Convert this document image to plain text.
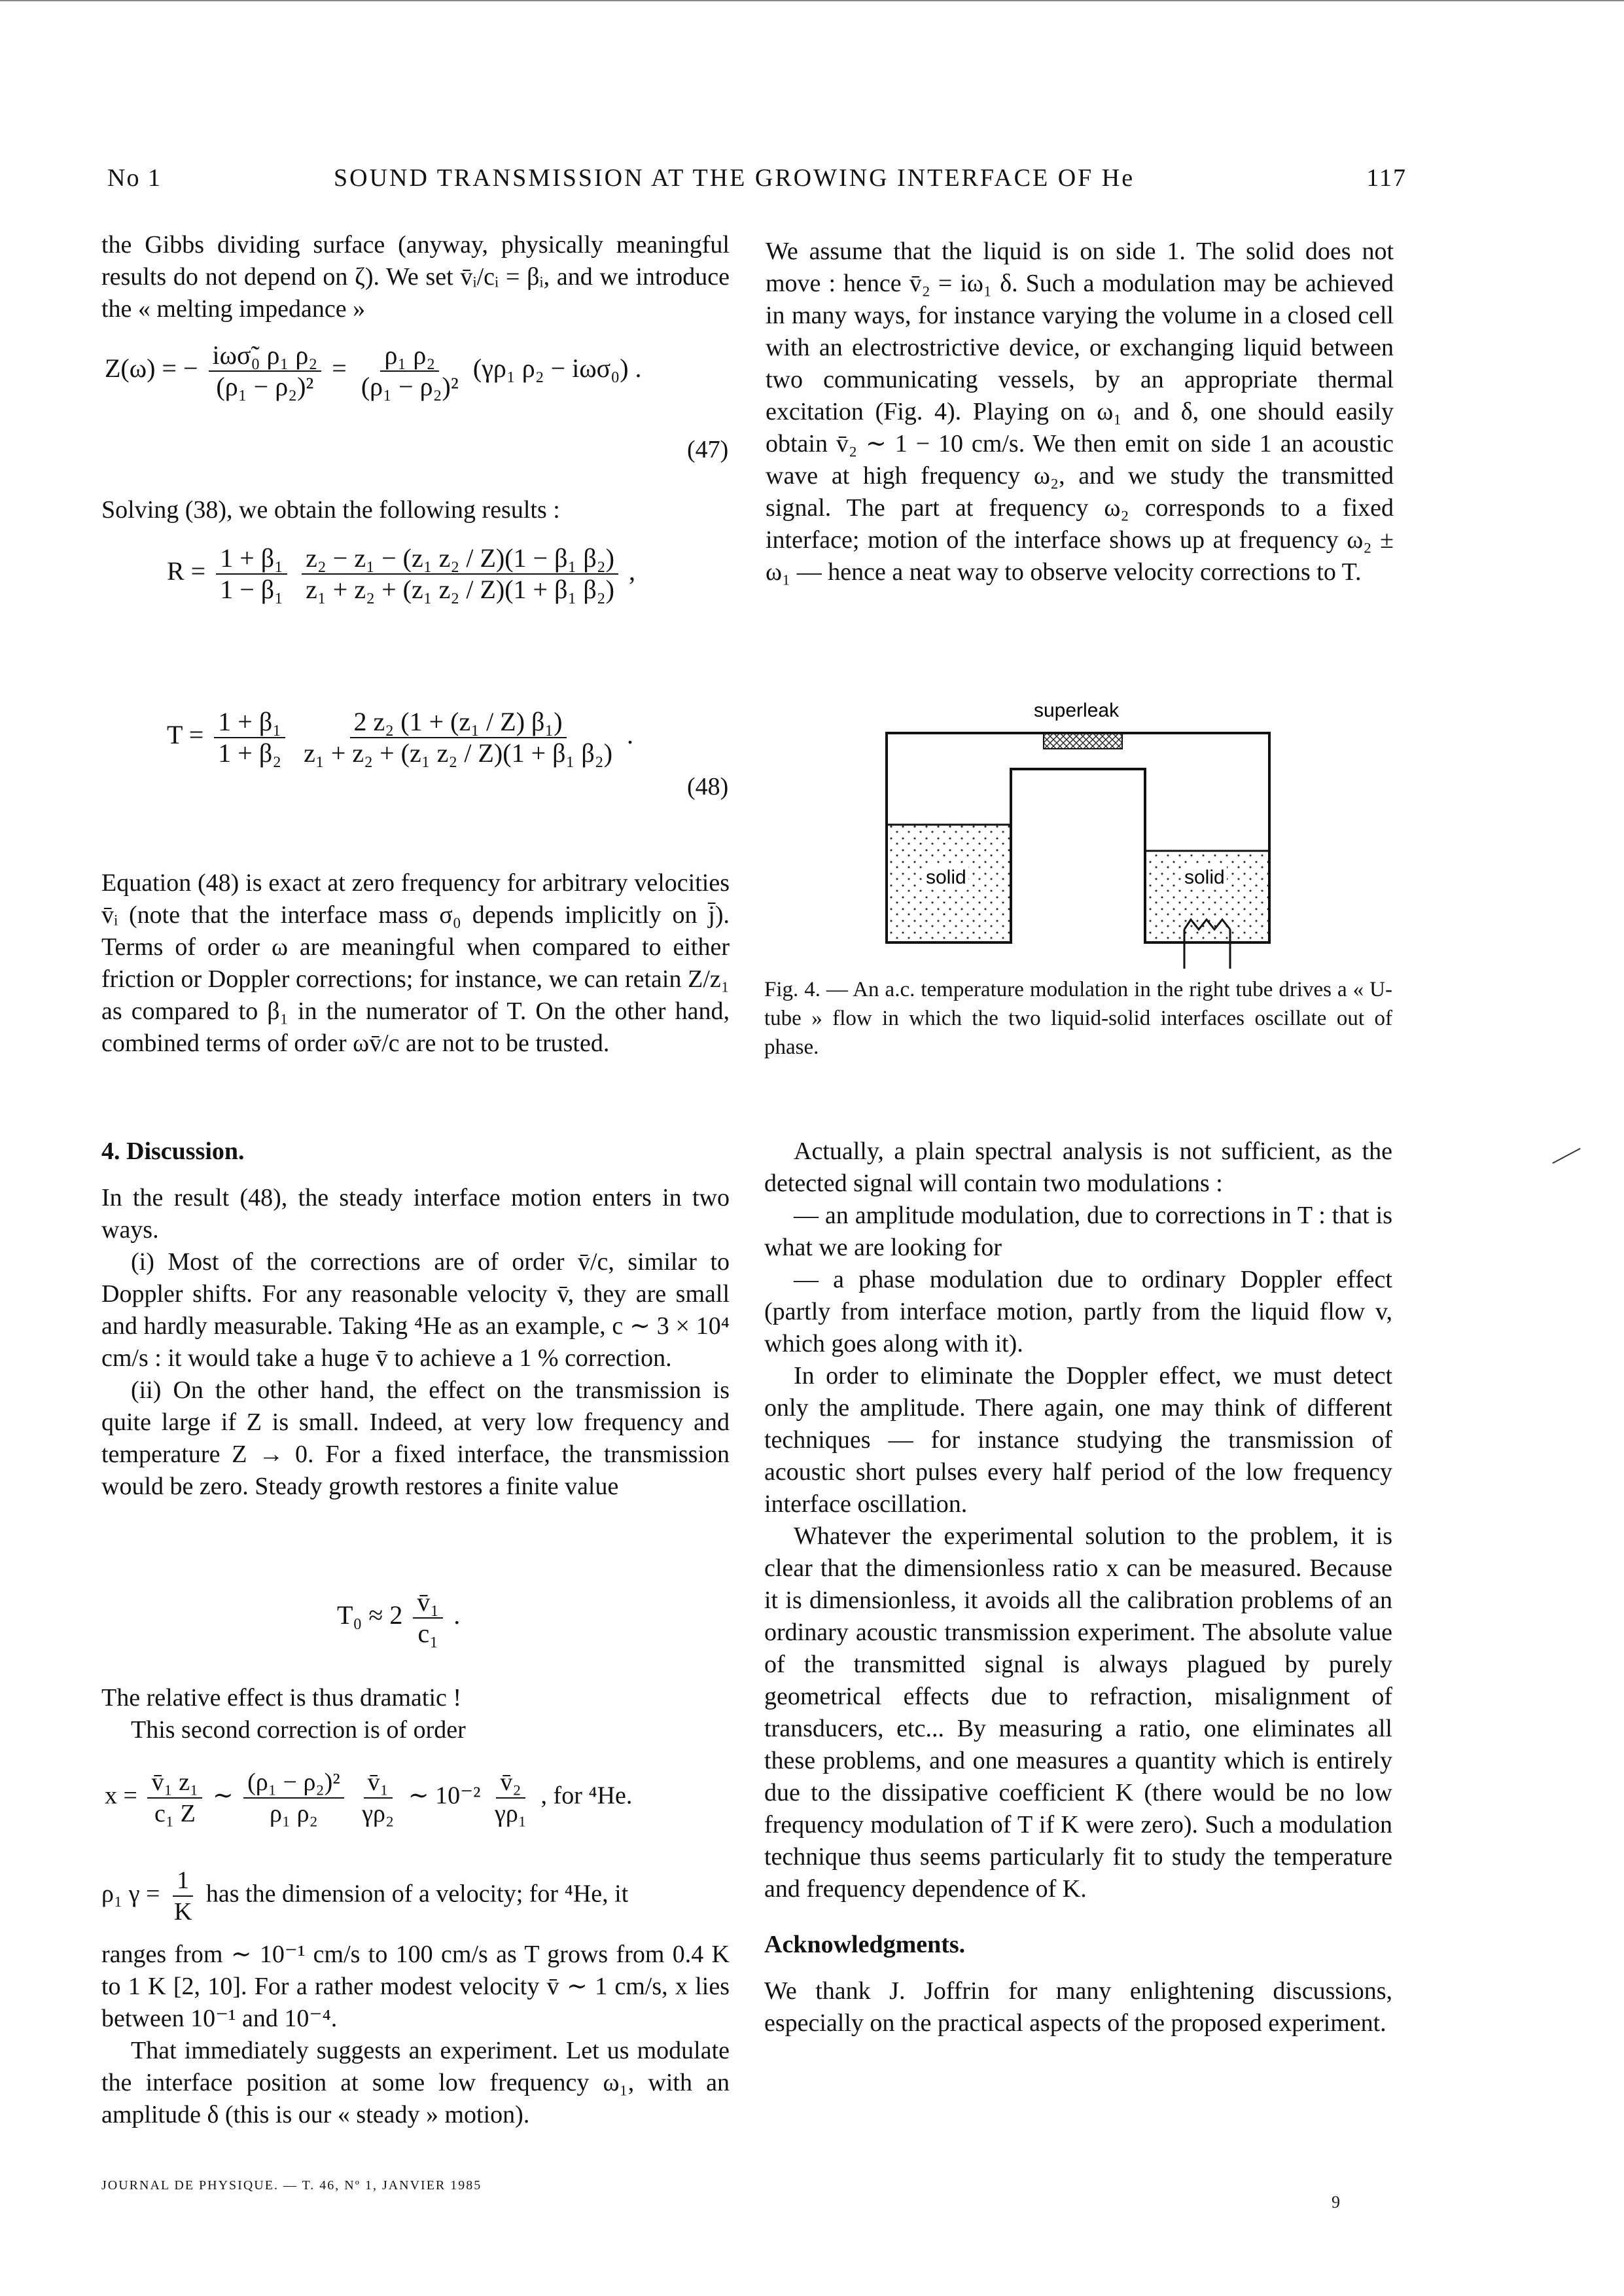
No 1	SOUND TRANSMISSION AT THE GROWING INTERFACE OF He	117

the Gibbs dividing surface (anyway, physically meaningful results do not depend on ζ). We set v̄ᵢ/cᵢ = βᵢ, and we introduce the « melting impedance »

Z(ω) = − $\frac{\text{iωσ̃₀ ρ₁ ρ₂}}{\text{(ρ₁ − ρ₂)²}} = \frac{\text{ρ₁ ρ₂}}{\text{(ρ₁ − ρ₂)²}} (\gamma\rho_1$ ρ₂ − iωσ₀) .
(47)

Solving (38), we obtain the following results :

$R = \frac{\text{1 + β₁}}{\text{1 − β₁}}$
$\frac{\text{z₂ − z₁ − (z₁ z₂ / Z)(1 − β₁ β₂)}}{\text{z₁ + z₂ + (z₁ z₂ / Z)(1 + β₁ β₂)}}$ ,
$T = \frac{\text{1 + β₁}}{\text{1 + β₂}}$
$\frac{\text{2 z₂ (1 + (z₁ / Z) β₁)}}{\text{z₁ + z₂ + (z₁ z₂ / Z)(1 + β₁ β₂)}}$ .
(48)

Equation (48) is exact at zero frequency for arbitrary velocities v̄ᵢ (note that the interface mass σ₀ depends implicitly on j̄). Terms of order ω are meaningful when compared to either friction or Doppler corrections; for instance, we can retain Z/z₁ as compared to β₁ in the numerator of T. On the other hand, combined terms of order ωv̄/c are not to be trusted.

We assume that the liquid is on side 1. The solid does not move : hence v̄₂ = iω₁ δ. Such a modulation may be achieved in many ways, for instance varying the volume in a closed cell with an electrostrictive device, or exchanging liquid between two communicating vessels, by an appropriate thermal excitation (Fig. 4). Playing on ω₁ and δ, one should easily obtain v̄₂ ∼ 1 − 10 cm/s. We then emit on side 1 an acoustic wave at high frequency ω₂, and we study the transmitted signal. The part at frequency ω₂ corresponds to a fixed interface; motion of the interface shows up at frequency ω₂ ± ω₁ — hence a neat way to observe velocity corrections to T.

superleak
solid	solid
Fig. 4. — An a.c. temperature modulation in the right tube drives a « U-tube » flow in which the two liquid-solid interfaces oscillate out of phase.

4. Discussion.

In the result (48), the steady interface motion enters in two ways.

(i) Most of the corrections are of order v̄/c, similar to Doppler shifts. For any reasonable velocity v̄, they are small and hardly measurable. Taking ⁴He as an example, c ∼ 3 × 10⁴ cm/s : it would take a huge v̄ to achieve a 1 % correction.

(ii) On the other hand, the effect on the transmission is quite large if Z is small. Indeed, at very low frequency and temperature Z → 0. For a fixed interface, the transmission would be zero. Steady growth restores a finite value

$T_0 \approx 2 \frac{\text{v̄₁}}{\text{c₁}}$ .

The relative effect is thus dramatic !

This second correction is of order

$x = \frac{\text{v̄₁ z₁}}{\text{c₁ Z}}$ ∼ $\frac{\text{(ρ₁ − ρ₂)²}}{\text{ρ₁ ρ₂}}$
$\frac{\text{v̄₁}}{\text{γρ₂}}$ ∼ $10^{-2} \frac{\text{v̄₂}}{\text{γρ₁}}$ , for ⁴He.
ρ₁ $\gamma = \frac{1}{K}$ has the dimension of a velocity; for ⁴He, it

ranges from ∼ 10⁻¹ cm/s to 100 cm/s as T grows from 0.4 K to 1 K [2, 10]. For a rather modest velocity v̄ ∼ 1 cm/s, x lies between 10⁻¹ and 10⁻⁴.

That immediately suggests an experiment. Let us modulate the interface position at some low frequency ω₁, with an amplitude δ (this is our « steady » motion).

Actually, a plain spectral analysis is not sufficient, as the detected signal will contain two modulations :

— an amplitude modulation, due to corrections in T : that is what we are looking for

— a phase modulation due to ordinary Doppler effect (partly from interface motion, partly from the liquid flow v, which goes along with it).

In order to eliminate the Doppler effect, we must detect only the amplitude. There again, one may think of different techniques — for instance studying the transmission of acoustic short pulses every half period of the low frequency interface oscillation.

Whatever the experimental solution to the problem, it is clear that the dimensionless ratio x can be measured. Because it is dimensionless, it avoids all the calibration problems of an ordinary acoustic transmission experiment. The absolute value of the transmitted signal is always plagued by purely geometrical effects due to refraction, misalignment of transducers, etc... By measuring a ratio, one eliminates all these problems, and one measures a quantity which is entirely due to the dissipative coefficient K (there would be no low frequency modulation of T if K were zero). Such a modulation technique thus seems particularly fit to study the temperature and frequency dependence of K.

Acknowledgments.

We thank J. Joffrin for many enlightening discussions, especially on the practical aspects of the proposed experiment.

JOURNAL DE PHYSIQUE. — T. 46, Nº 1, JANVIER 1985
9
